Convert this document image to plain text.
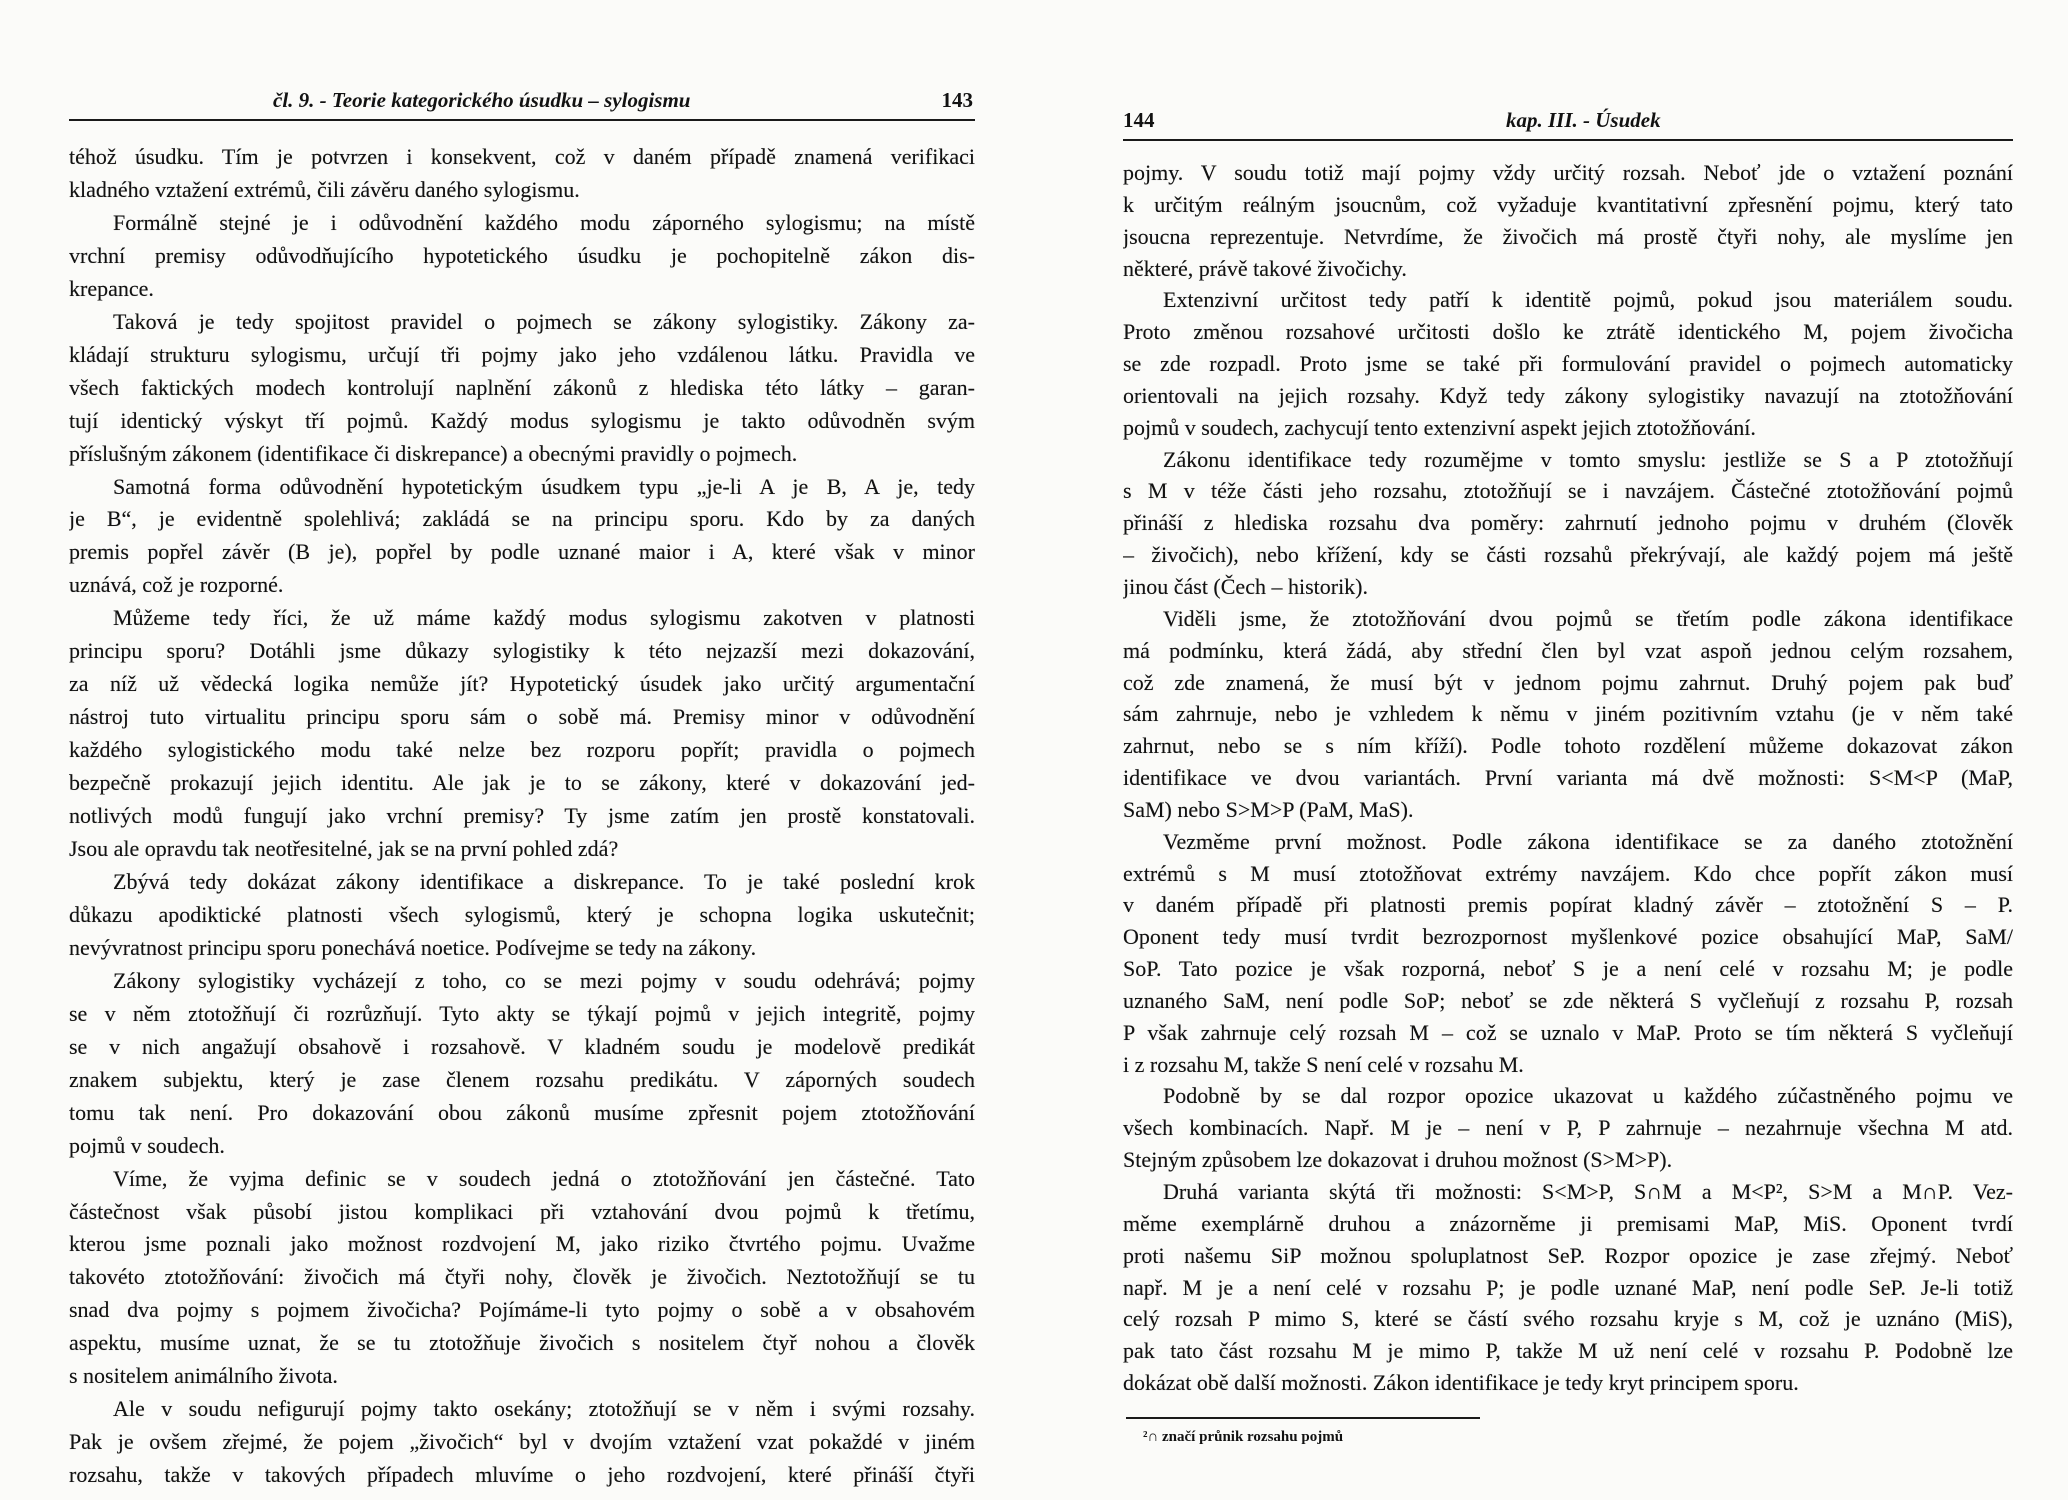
čl. 9. - Teorie kategorického úsudku – sylogismu	143
téhož úsudku. Tím je potvrzen i konsekvent, což v daném případě znamená verifikaci
kladného vztažení extrémů, čili závěru daného sylogismu.
Formálně stejné je i odůvodnění každého modu záporného sylogismu; na místě
vrchní premisy odůvodňujícího hypotetického úsudku je pochopitelně zákon dis-
krepance.
Taková je tedy spojitost pravidel o pojmech se zákony sylogistiky. Zákony za-
kládají strukturu sylogismu, určují tři pojmy jako jeho vzdálenou látku. Pravidla ve
všech faktických modech kontrolují naplnění zákonů z hlediska této látky – garan-
tují identický výskyt tří pojmů. Každý modus sylogismu je takto odůvodněn svým
příslušným zákonem (identifikace či diskrepance) a obecnými pravidly o pojmech.
Samotná forma odůvodnění hypotetickým úsudkem typu „je-li A je B, A je, tedy
je B“, je evidentně spolehlivá; zakládá se na principu sporu. Kdo by za daných
premis popřel závěr (B je), popřel by podle uznané maior i A, které však v minor
uznává, což je rozporné.
Můžeme tedy říci, že už máme každý modus sylogismu zakotven v platnosti
principu sporu? Dotáhli jsme důkazy sylogistiky k této nejzazší mezi dokazování,
za níž už vědecká logika nemůže jít? Hypotetický úsudek jako určitý argumentační
nástroj tuto virtualitu principu sporu sám o sobě má. Premisy minor v odůvodnění
každého sylogistického modu také nelze bez rozporu popřít; pravidla o pojmech
bezpečně prokazují jejich identitu. Ale jak je to se zákony, které v dokazování jed-
notlivých modů fungují jako vrchní premisy? Ty jsme zatím jen prostě konstatovali.
Jsou ale opravdu tak neotřesitelné, jak se na první pohled zdá?
Zbývá tedy dokázat zákony identifikace a diskrepance. To je také poslední krok
důkazu apodiktické platnosti všech sylogismů, který je schopna logika uskutečnit;
nevývratnost principu sporu ponechává noetice. Podívejme se tedy na zákony.
Zákony sylogistiky vycházejí z toho, co se mezi pojmy v soudu odehrává; pojmy
se v něm ztotožňují či rozrůzňují. Tyto akty se týkají pojmů v jejich integritě, pojmy
se v nich angažují obsahově i rozsahově. V kladném soudu je modelově predikát
znakem subjektu, který je zase členem rozsahu predikátu. V záporných soudech
tomu tak není. Pro dokazování obou zákonů musíme zpřesnit pojem ztotožňování
pojmů v soudech.
Víme, že vyjma definic se v soudech jedná o ztotožňování jen částečné. Tato
částečnost však působí jistou komplikaci při vztahování dvou pojmů k třetímu,
kterou jsme poznali jako možnost rozdvojení M, jako riziko čtvrtého pojmu. Uvažme
takovéto ztotožňování: živočich má čtyři nohy, člověk je živočich. Neztotožňují se tu
snad dva pojmy s pojmem živočicha? Pojímáme-li tyto pojmy o sobě a v obsahovém
aspektu, musíme uznat, že se tu ztotožňuje živočich s nositelem čtyř nohou a člověk
s nositelem animálního života.
Ale v soudu nefigurují pojmy takto osekány; ztotožňují se v něm i svými rozsahy.
Pak je ovšem zřejmé, že pojem „živočich“ byl v dvojím vztažení vzat pokaždé v jiném
rozsahu, takže v takových případech mluvíme o jeho rozdvojení, které přináší čtyři
144	kap. III. - Úsudek
pojmy. V soudu totiž mají pojmy vždy určitý rozsah. Neboť jde o vztažení poznání
k určitým reálným jsoucnům, což vyžaduje kvantitativní zpřesnění pojmu, který tato
jsoucna reprezentuje. Netvrdíme, že živočich má prostě čtyři nohy, ale myslíme jen
některé, právě takové živočichy.
Extenzivní určitost tedy patří k identitě pojmů, pokud jsou materiálem soudu.
Proto změnou rozsahové určitosti došlo ke ztrátě identického M, pojem živočicha
se zde rozpadl. Proto jsme se také při formulování pravidel o pojmech automaticky
orientovali na jejich rozsahy. Když tedy zákony sylogistiky navazují na ztotožňování
pojmů v soudech, zachycují tento extenzivní aspekt jejich ztotožňování.
Zákonu identifikace tedy rozumějme v tomto smyslu: jestliže se S a P ztotožňují
s M v téže části jeho rozsahu, ztotožňují se i navzájem. Částečné ztotožňování pojmů
přináší z hlediska rozsahu dva poměry: zahrnutí jednoho pojmu v druhém (člověk
– živočich), nebo křížení, kdy se části rozsahů překrývají, ale každý pojem má ještě
jinou část (Čech – historik).
Viděli jsme, že ztotožňování dvou pojmů se třetím podle zákona identifikace
má podmínku, která žádá, aby střední člen byl vzat aspoň jednou celým rozsahem,
což zde znamená, že musí být v jednom pojmu zahrnut. Druhý pojem pak buď
sám zahrnuje, nebo je vzhledem k němu v jiném pozitivním vztahu (je v něm také
zahrnut, nebo se s ním kříží). Podle tohoto rozdělení můžeme dokazovat zákon
identifikace ve dvou variantách. První varianta má dvě možnosti: S<M<P (MaP,
SaM) nebo S>M>P (PaM, MaS).
Vezměme první možnost. Podle zákona identifikace se za daného ztotožnění
extrémů s M musí ztotožňovat extrémy navzájem. Kdo chce popřít zákon musí
v daném případě při platnosti premis popírat kladný závěr – ztotožnění S – P.
Oponent tedy musí tvrdit bezrozpornost myšlenkové pozice obsahující MaP, SaM/
SoP. Tato pozice je však rozporná, neboť S je a není celé v rozsahu M; je podle
uznaného SaM, není podle SoP; neboť se zde některá S vyčleňují z rozsahu P, rozsah
P však zahrnuje celý rozsah M – což se uznalo v MaP. Proto se tím některá S vyčleňují
i z rozsahu M, takže S není celé v rozsahu M.
Podobně by se dal rozpor opozice ukazovat u každého zúčastněného pojmu ve
všech kombinacích. Např. M je – není v P, P zahrnuje – nezahrnuje všechna M atd.
Stejným způsobem lze dokazovat i druhou možnost (S>M>P).
Druhá varianta skýtá tři možnosti: S<M>P, S∩M a M<P², S>M a M∩P. Vez-
měme exemplárně druhou a znázorněme ji premisami MaP, MiS. Oponent tvrdí
proti našemu SiP možnou spoluplatnost SeP. Rozpor opozice je zase zřejmý. Neboť
např. M je a není celé v rozsahu P; je podle uznané MaP, není podle SeP. Je-li totiž
celý rozsah P mimo S, které se částí svého rozsahu kryje s M, což je uznáno (MiS),
pak tato část rozsahu M je mimo P, takže M už není celé v rozsahu P. Podobně lze
dokázat obě další možnosti. Zákon identifikace je tedy kryt principem sporu.
²∩ značí průnik rozsahu pojmů
